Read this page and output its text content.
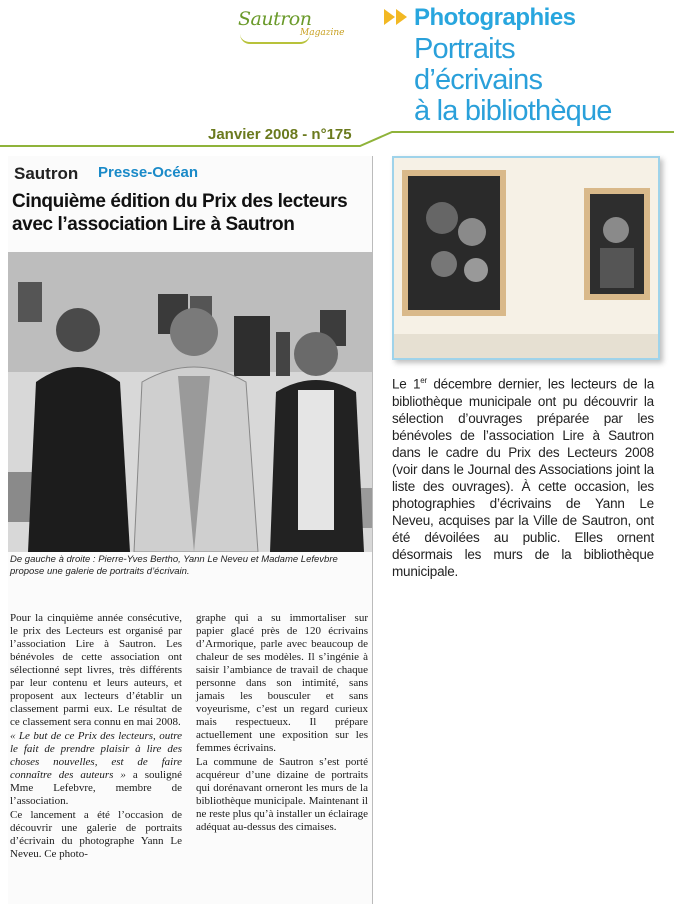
Sautron
Magazine
Photographies
Portraits
d’écrivains
à la bibliothèque
Janvier 2008 - n°175
Sautron Presse-Océan
Cinquième édition du Prix des lecteurs
avec l’association Lire à Sautron
De gauche à droite : Pierre-Yves Bertho, Yann Le Neveu et Madame Lefevbre propose une galerie de portraits d’écrivain.

Pour la cinquième année consécutive, le prix des Lecteurs est organisé par l’association Lire à Sautron. Les bénévoles de cette association ont sélectionné sept livres, très différents par leur contenu et leurs auteurs, et proposent aux lecteurs d’établir un classement parmi eux. Le résultat de ce classement sera connu en mai 2008.

« Le but de ce Prix des lecteurs, outre le fait de prendre plaisir à lire des choses nouvelles, est de faire connaître des auteurs » a souligné Mme Lefebvre, membre de l’association.

Ce lancement a été l’occasion de découvrir une galerie de portraits d’écrivain du photographe Yann Le Neveu. Ce photo-

graphe qui a su immortaliser sur papier glacé près de 120 écrivains d’Armorique, parle avec beaucoup de chaleur de ses modèles. Il s’ingénie à saisir l’ambiance de travail de chaque personne dans son intimité, sans jamais les bousculer et sans voyeurisme, c’est un regard curieux mais respectueux. Il prépare actuellement une exposition sur les femmes écrivains.

La commune de Sautron s’est porté acquéreur d’une dizaine de portraits qui dorénavant orneront les murs de la bibliothèque municipale. Maintenant il ne reste plus qu’à installer un éclairage adéquat au-dessus des cimaises.

Le 1er décembre dernier, les lecteurs de la bibliothèque municipale ont pu découvrir la sélection d’ouvrages préparée par les bénévoles de l’association Lire à Sautron dans le cadre du Prix des Lecteurs 2008 (voir dans le Journal des Associations joint la liste des ouvrages). À cette occasion, les photographies d’écrivains de Yann Le Neveu, acquises par la Ville de Sautron, ont été dévoilées au public. Elles ornent désormais les murs de la bibliothèque municipale.
